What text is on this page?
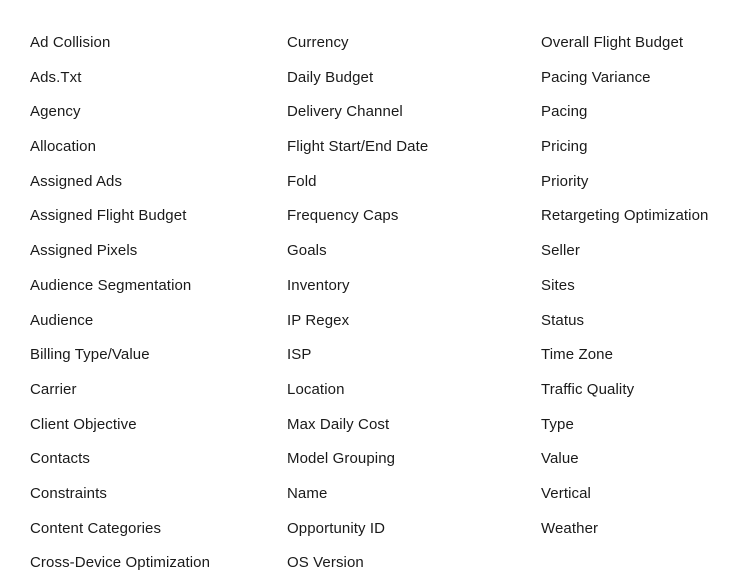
Ad Collision
Ads.Txt
Agency
Allocation
Assigned Ads
Assigned Flight Budget
Assigned Pixels
Audience Segmentation
Audience
Billing Type/Value
Carrier
Client Objective
Contacts
Constraints
Content Categories
Cross-Device Optimization
Currency
Daily Budget
Delivery Channel
Flight Start/End Date
Fold
Frequency Caps
Goals
Inventory
IP Regex
ISP
Location
Max Daily Cost
Model Grouping
Name
Opportunity ID
OS Version
Overall Flight Budget
Pacing Variance
Pacing
Pricing
Priority
Retargeting Optimization
Seller
Sites
Status
Time Zone
Traffic Quality
Type
Value
Vertical
Weather
